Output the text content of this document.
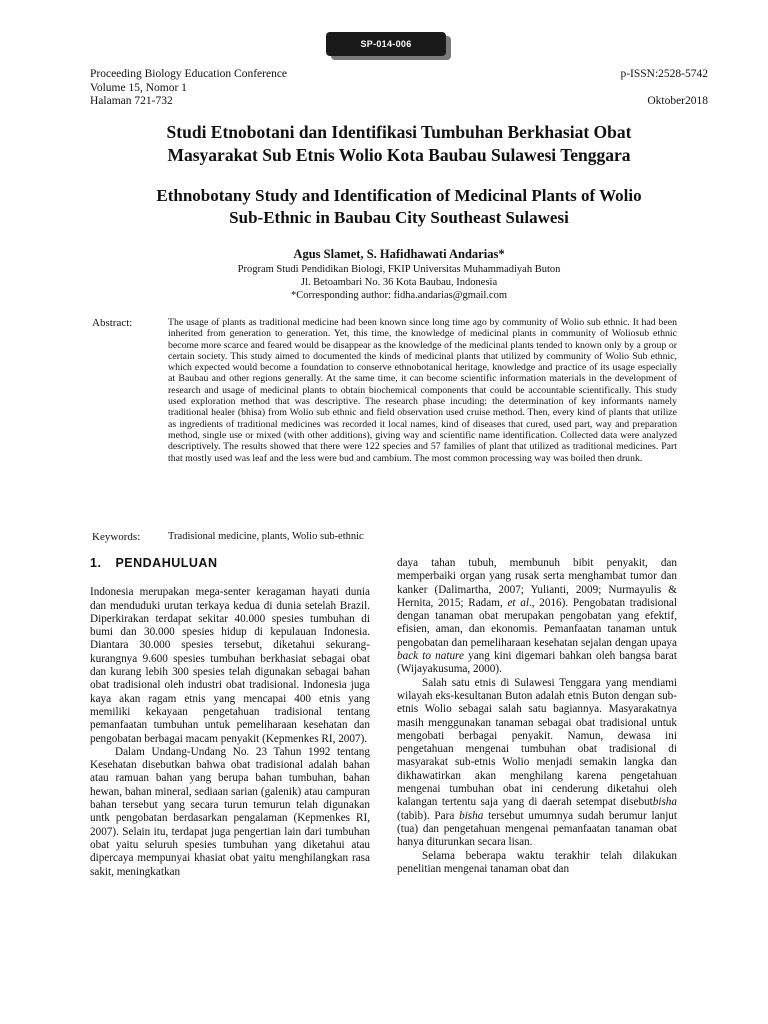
SP-014-006
Proceeding Biology Education Conference	p-ISSN:2528-5742
Volume 15, Nomor 1
Halaman 721-732	Oktober2018
Studi Etnobotani dan Identifikasi Tumbuhan Berkhasiat Obat
Masyarakat Sub Etnis Wolio Kota Baubau Sulawesi Tenggara
Ethnobotany Study and Identification of Medicinal Plants of Wolio
Sub-Ethnic in Baubau City Southeast Sulawesi
Agus Slamet, S. Hafidhawati Andarias*
Program Studi Pendidikan Biologi, FKIP Universitas Muhammadiyah Buton
Jl. Betoambari No. 36 Kota Baubau, Indonesia
*Corresponding author: fidha.andarias@gmail.com
Abstract:	The usage of plants as traditional medicine had been known since long time ago by community of Wolio sub ethnic. It had been inherited from generation to generation. Yet, this time, the knowledge of medicinal plants in community of Woliosub ethnic become more scarce and feared would be disappear as the knowledge of the medicinal plants tended to known only by a group or certain society. This study aimed to documented the kinds of medicinal plants that utilized by community of Wolio Sub ethnic, which expected would become a foundation to conserve ethnobotanical heritage, knowledge and practice of its usage especially at Baubau and other regions generally. At the same time, it can become scientific information materials in the development of research and usage of medicinal plants to obtain biochemical components that could be accountable scientifically. This study used exploration method that was descriptive. The research phase incuding: the determination of key informants namely traditional healer (bhisa) from Wolio sub ethnic and field observation used cruise method. Then, every kind of plants that utilize as ingredients of traditional medicines was recorded it local names, kind of diseases that cured, used part, way and preparation method, single use or mixed (with other additions), giving way and scientific name identification. Collected data were analyzed descriptively. The results showed that there were 122 species and 57 families of plant that utilized as traditional medicines. Part that mostly used was leaf and the less were bud and cambium. The most common processing way was boiled then drunk.
Keywords:	Tradisional medicine, plants, Wolio sub-ethnic
1. PENDAHULUAN

Indonesia merupakan mega-senter keragaman hayati dunia dan menduduki urutan terkaya kedua di dunia setelah Brazil. Diperkirakan terdapat sekitar 40.000 spesies tumbuhan di bumi dan 30.000 spesies hidup di kepulauan Indonesia. Diantara 30.000 spesies tersebut, diketahui sekurang-kurangnya 9.600 spesies tumbuhan berkhasiat sebagai obat dan kurang lebih 300 spesies telah digunakan sebagai bahan obat tradisional oleh industri obat tradisional. Indonesia juga kaya akan ragam etnis yang mencapai 400 etnis yang memiliki kekayaan pengetahuan tradisional tentang pemanfaatan tumbuhan untuk pemeliharaan kesehatan dan pengobatan berbagai macam penyakit (Kepmenkes RI, 2007).

Dalam Undang-Undang No. 23 Tahun 1992 tentang Kesehatan disebutkan bahwa obat tradisional adalah bahan atau ramuan bahan yang berupa bahan tumbuhan, bahan hewan, bahan mineral, sediaan sarian (galenik) atau campuran bahan tersebut yang secara turun temurun telah digunakan untk pengobatan berdasarkan pengalaman (Kepmenkes RI, 2007). Selain itu, terdapat juga pengertian lain dari tumbuhan obat yaitu seluruh spesies tumbuhan yang diketahui atau dipercaya mempunyai khasiat obat yaitu menghilangkan rasa sakit, meningkatkan

daya tahan tubuh, membunuh bibit penyakit, dan memperbaiki organ yang rusak serta menghambat tumor dan kanker (Dalimartha, 2007; Yulianti, 2009; Nurmayulis & Hernita, 2015; Radam, et al., 2016). Pengobatan tradisional dengan tanaman obat merupakan pengobatan yang efektif, efisien, aman, dan ekonomis. Pemanfaatan tanaman untuk pengobatan dan pemeliharaan kesehatan sejalan dengan upaya back to nature yang kini digemari bahkan oleh bangsa barat (Wijayakusuma, 2000).

Salah satu etnis di Sulawesi Tenggara yang mendiami wilayah eks-kesultanan Buton adalah etnis Buton dengan sub-etnis Wolio sebagai salah satu bagiannya. Masyarakatnya masih menggunakan tanaman sebagai obat tradisional untuk mengobati berbagai penyakit. Namun, dewasa ini pengetahuan mengenai tumbuhan obat tradisional di masyarakat sub-etnis Wolio menjadi semakin langka dan dikhawatirkan akan menghilang karena pengetahuan mengenai tumbuhan obat ini cenderung diketahui oleh kalangan tertentu saja yang di daerah setempat disebutbisha (tabib). Para bisha tersebut umumnya sudah berumur lanjut (tua) dan pengetahuan mengenai pemanfaatan tanaman obat hanya diturunkan secara lisan.

Selama beberapa waktu terakhir telah dilakukan penelitian mengenai tanaman obat dan
